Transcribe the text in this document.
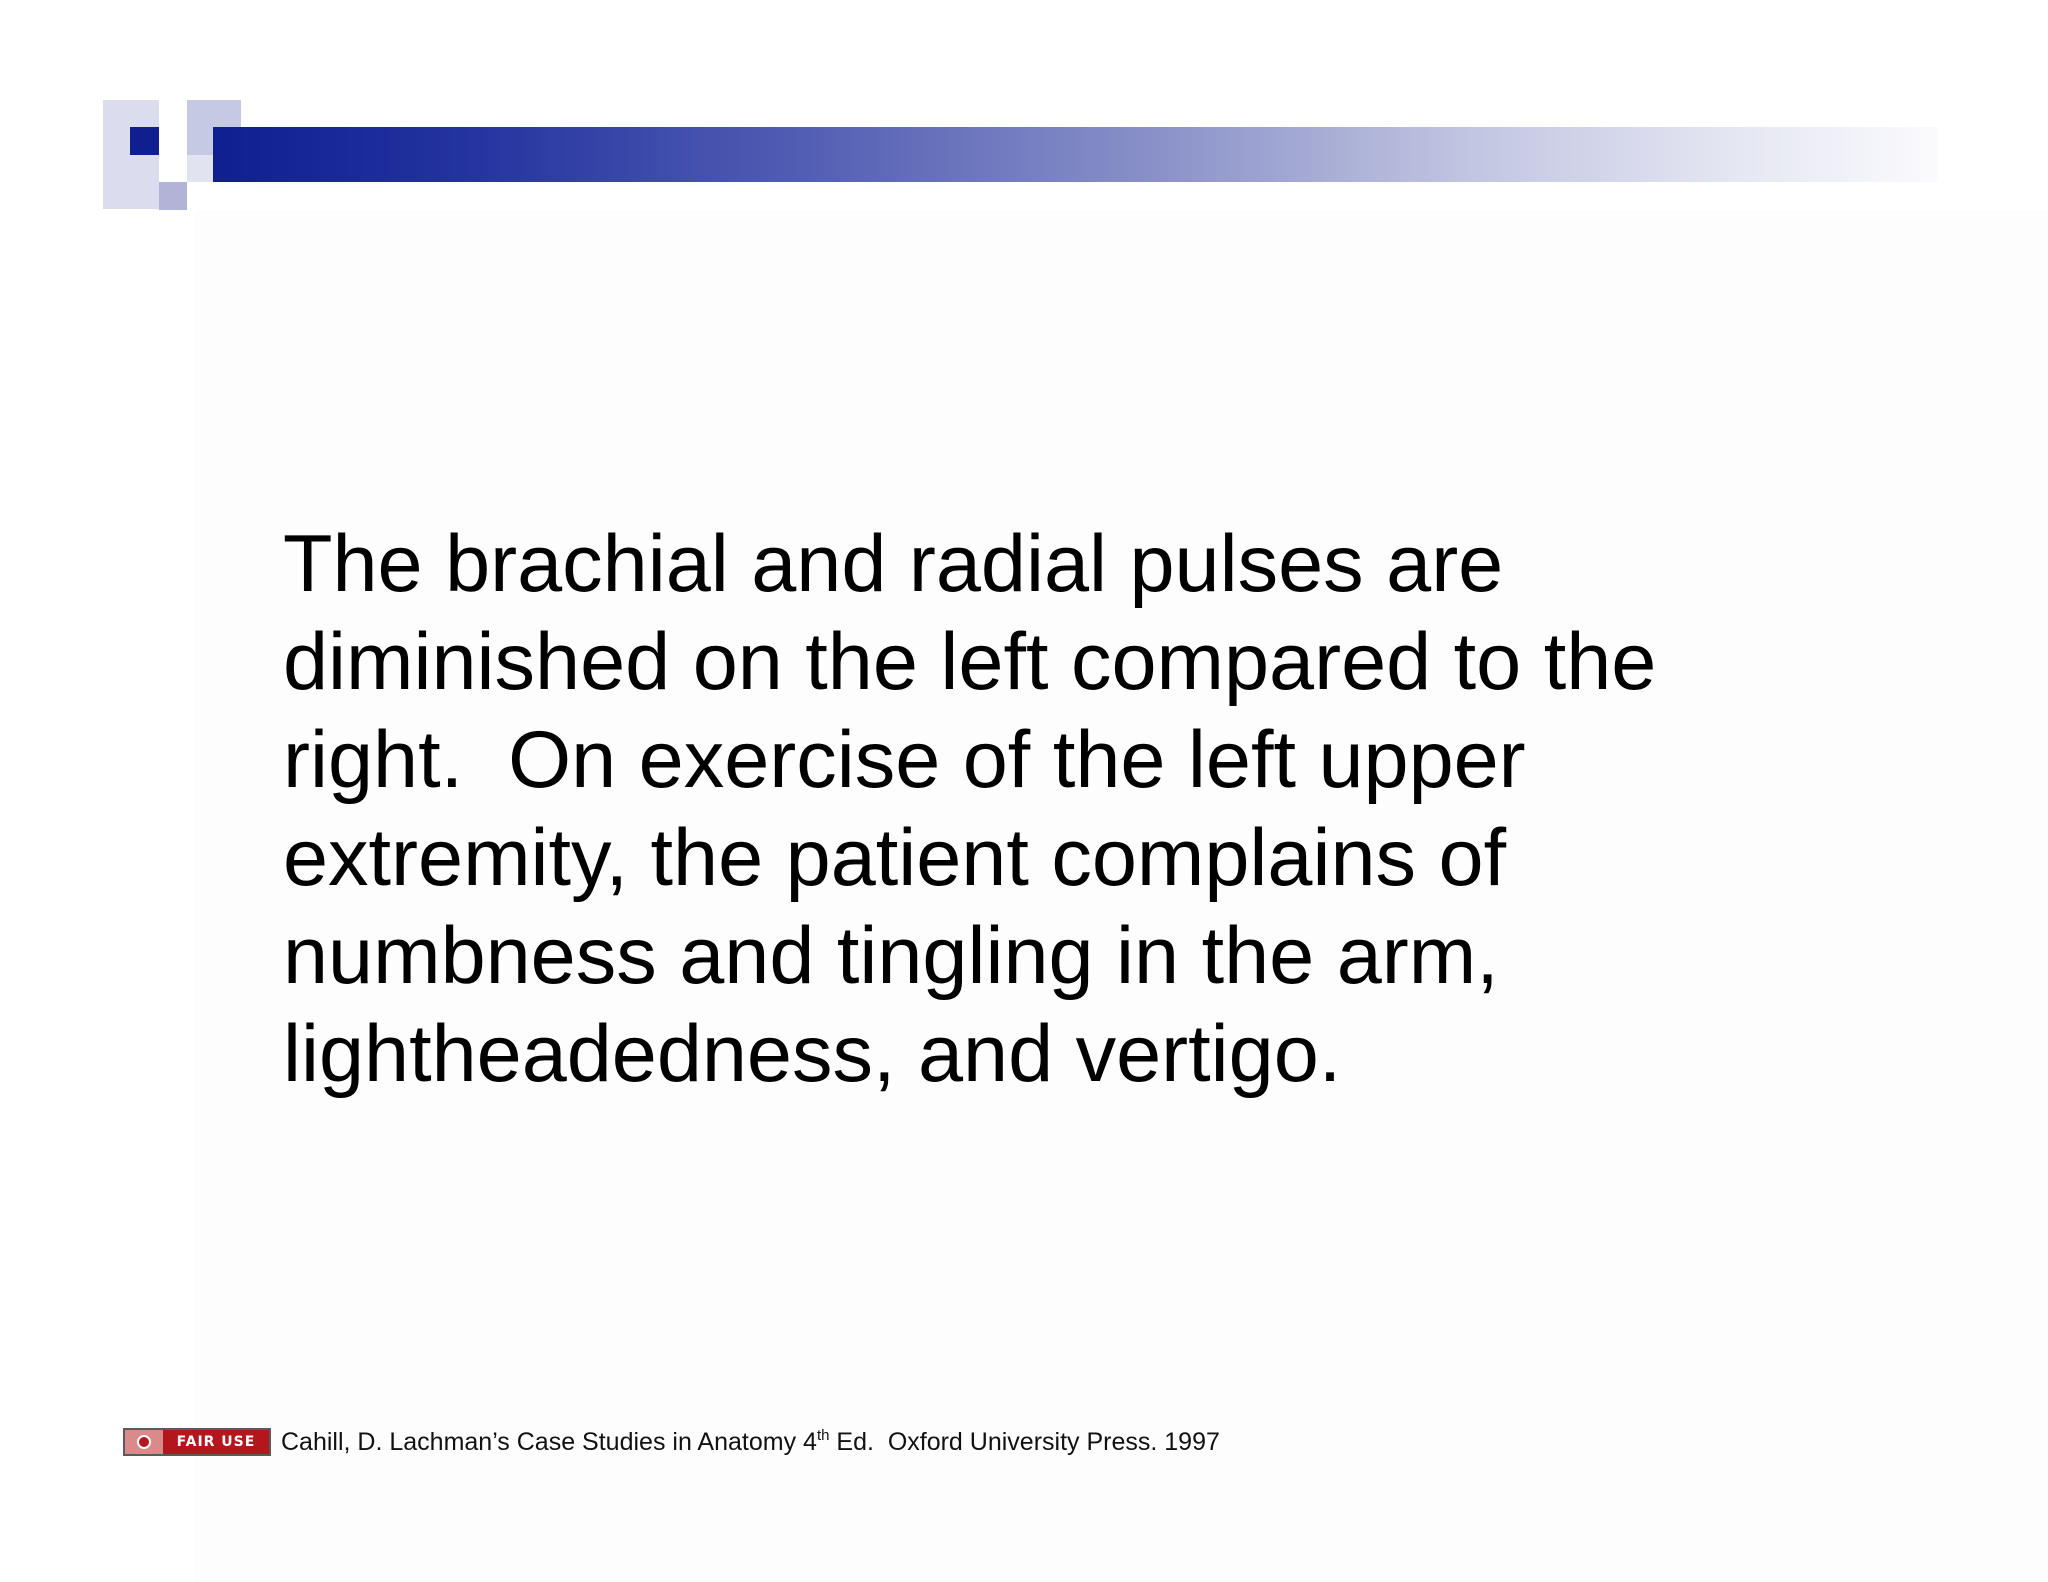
The brachial and radial pulses are
diminished on the left compared to the
right.  On exercise of the left upper
extremity, the patient complains of
numbness and tingling in the arm,
lightheadedness, and vertigo.
FAIR USE	Cahill, D. Lachman’s Case Studies in Anatomy 4th Ed.  Oxford University Press. 1997
